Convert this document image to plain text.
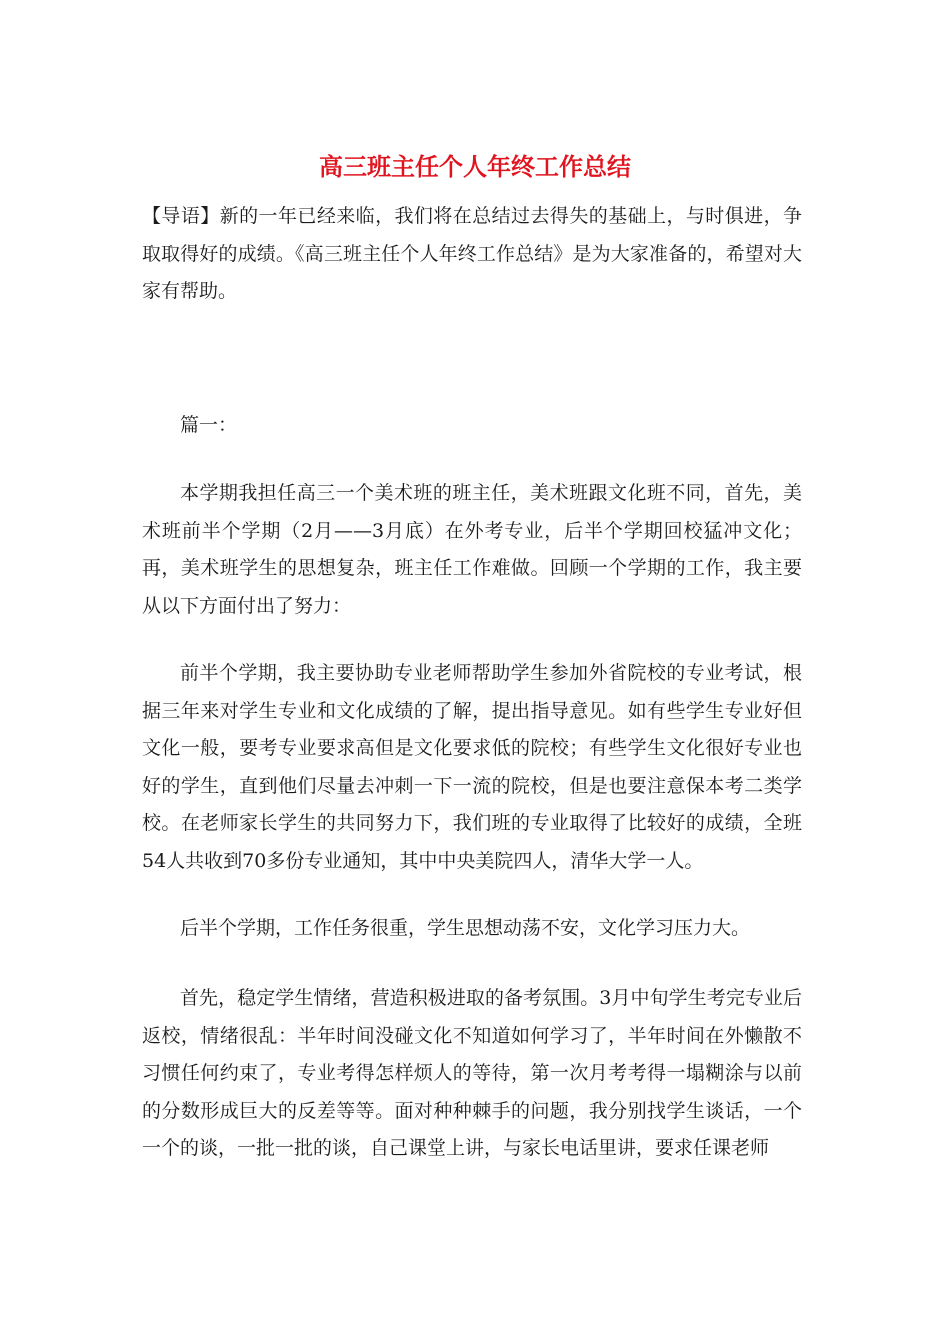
高三班主任个人年终工作总结

【导语】新的一年已经来临，我们将在总结过去得失的基础上，与时俱进，争取取得好的成绩。《高三班主任个人年终工作总结》是为大家准备的，希望对大家有帮助。

篇一：

本学期我担任高三一个美术班的班主任，美术班跟文化班不同，首先，美术班前半个学期（2月——3月底）在外考专业，后半个学期回校猛冲文化；再，美术班学生的思想复杂，班主任工作难做。回顾一个学期的工作，我主要从以下方面付出了努力：

前半个学期，我主要协助专业老师帮助学生参加外省院校的专业考试，根据三年来对学生专业和文化成绩的了解，提出指导意见。如有些学生专业好但文化一般，要考专业要求高但是文化要求低的院校；有些学生文化很好专业也好的学生，直到他们尽量去冲刺一下一流的院校，但是也要注意保本考二类学校。在老师家长学生的共同努力下，我们班的专业取得了比较好的成绩，全班54人共收到70多份专业通知，其中中央美院四人，清华大学一人。

后半个学期，工作任务很重，学生思想动荡不安，文化学习压力大。

首先，稳定学生情绪，营造积极进取的备考氛围。3月中旬学生考完专业后返校，情绪很乱：半年时间没碰文化不知道如何学习了，半年时间在外懒散不习惯任何约束了，专业考得怎样烦人的等待，第一次月考考得一塌糊涂与以前的分数形成巨大的反差等等。面对种种棘手的问题，我分别找学生谈话，一个一个的谈，一批一批的谈，自己课堂上讲，与家长电话里讲，要求任课老师
